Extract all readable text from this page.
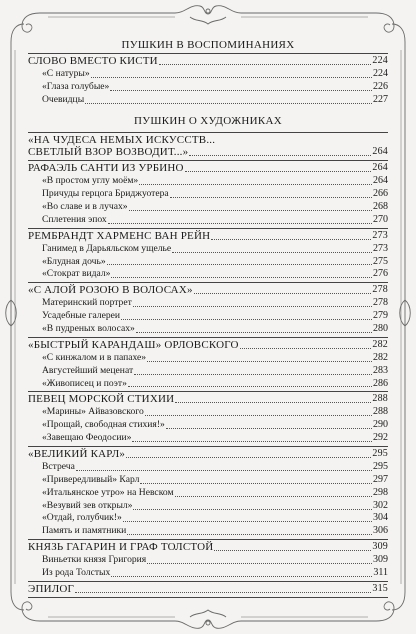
ПУШКИН В ВОСПОМИНАНИЯХ
СЛОВО ВМЕСТО КИСТИ	224
«С натуры»	224
«Глаза голубые»	226
Очевидцы	227
ПУШКИН О ХУДОЖНИКАХ
«НА ЧУДЕСА НЕМЫХ ИСКУССТВ...
СВЕТЛЫЙ ВЗОР ВОЗВОДИТ...»	264
РАФАЭЛЬ САНТИ ИЗ УРБИНО	264
«В простом углу моём»	264
Причуды герцога Бриджуотера	266
«Во славе и в лучах»	268
Сплетения эпох	270
РЕМБРАНДТ ХАРМЕНС ВАН РЕЙН	273
Ганимед в Дарьяльском ущелье	273
«Блудная дочь»	275
«Стократ видал»	276
«С АЛОЙ РОЗОЮ В ВОЛОСАХ»	278
Материнский портрет	278
Усадебные галереи	279
«В пудреных волосах»	280
«БЫСТРЫЙ КАРАНДАШ» ОРЛОВСКОГО	282
«С кинжалом и в папахе»	282
Августейший меценат	283
«Живописец и поэт»	286
ПЕВЕЦ МОРСКОЙ СТИХИИ	288
«Марины» Айвазовского	288
«Прощай, свободная стихия!»	290
«Завещаю Феодосии»	292
«ВЕЛИКИЙ КАРЛ»	295
Встреча	295
«Привередливый» Карл	297
«Итальянское утро» на Невском	298
«Везувий зев открыл»	302
«Отдай, голубчик!»	304
Память и памятники	306
КНЯЗЬ ГАГАРИН И ГРАФ ТОЛСТОЙ	309
Виньетки князя Григория	309
Из рода Толстых	311
ЭПИЛОГ	315
